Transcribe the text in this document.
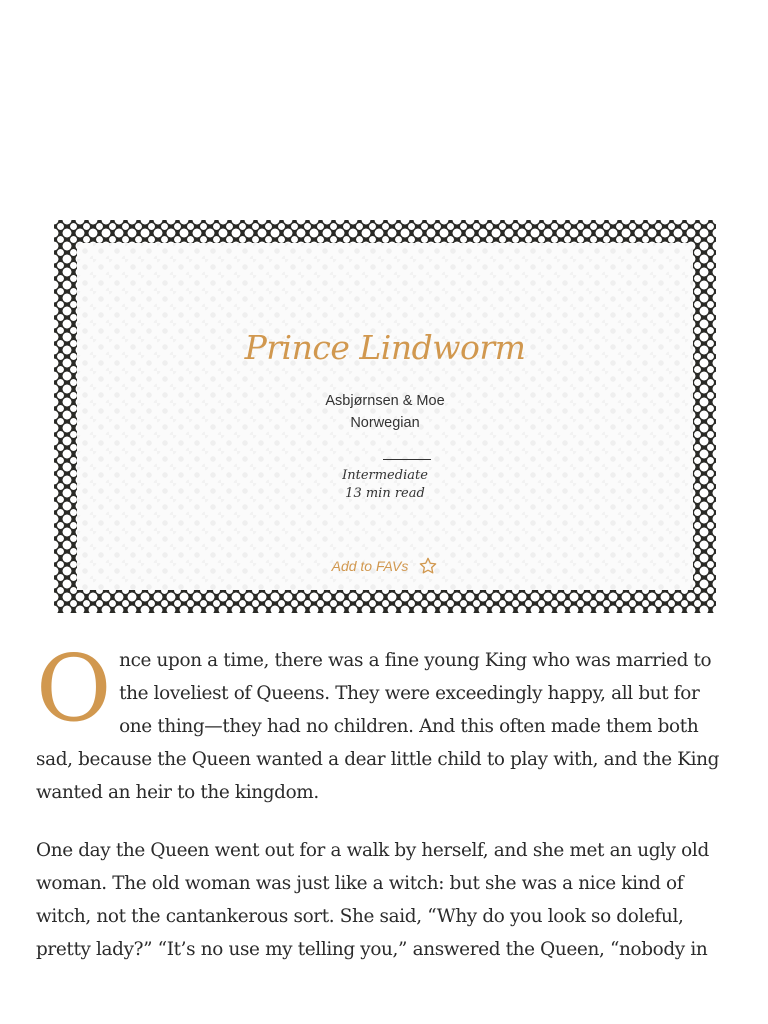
Prince Lindworm
Asbjørnsen & Moe
Norwegian
Intermediate
13 min read
Add to FAVs

Once upon a time, there was a fine young King who was married to the loveliest of Queens. They were exceedingly happy, all but for one thing—they had no children. And this often made them both sad, because the Queen wanted a dear little child to play with, and the King wanted an heir to the kingdom.

One day the Queen went out for a walk by herself, and she met an ugly old woman. The old woman was just like a witch: but she was a nice kind of witch, not the cantankerous sort. She said, “Why do you look so doleful, pretty lady?” “It’s no use my telling you,” answered the Queen, “nobody in
